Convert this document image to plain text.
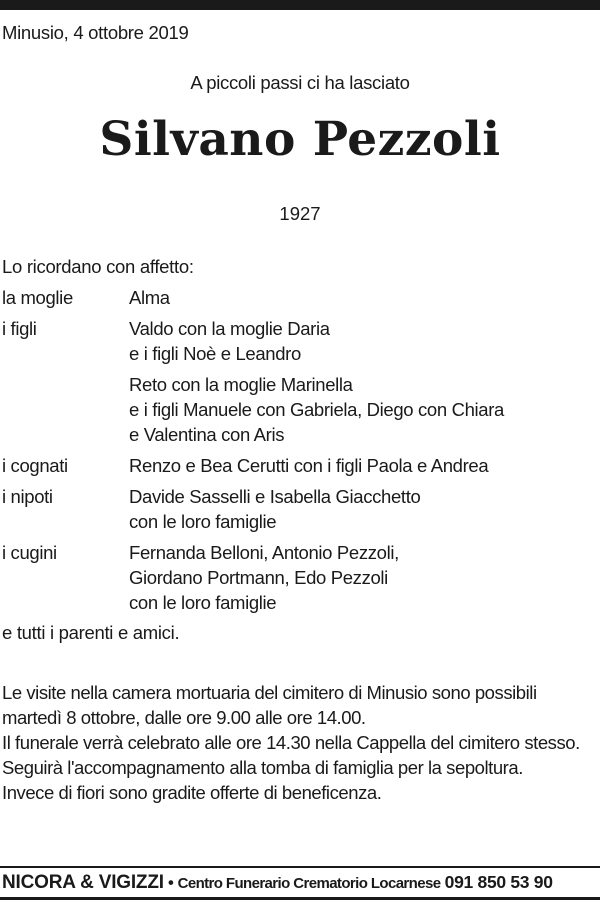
Minusio, 4 ottobre 2019
A piccoli passi ci ha lasciato
Silvano Pezzoli
1927
Lo ricordano con affetto:
la moglie	Alma
i figli	Valdo con la moglie Daria
e i figli Noè e Leandro
Reto con la moglie Marinella
e i figli Manuele con Gabriela, Diego con Chiara
e Valentina con Aris
i cognati	Renzo e Bea Cerutti con i figli Paola e Andrea
i nipoti	Davide Sasselli e Isabella Giacchetto
con le loro famiglie
i cugini	Fernanda Belloni, Antonio Pezzoli,
Giordano Portmann, Edo Pezzoli
con le loro famiglie
e tutti i parenti e amici.
Le visite nella camera mortuaria del cimitero di Minusio sono possibili martedì 8 ottobre, dalle ore 9.00 alle ore 14.00.
Il funerale verrà celebrato alle ore 14.30 nella Cappella del cimitero stesso.
Seguirà l'accompagnamento alla tomba di famiglia per la sepoltura.
Invece di fiori sono gradite offerte di beneficenza.
NICORA & VIGIZZI • Centro Funerario Crematorio Locarnese 091 850 53 90
